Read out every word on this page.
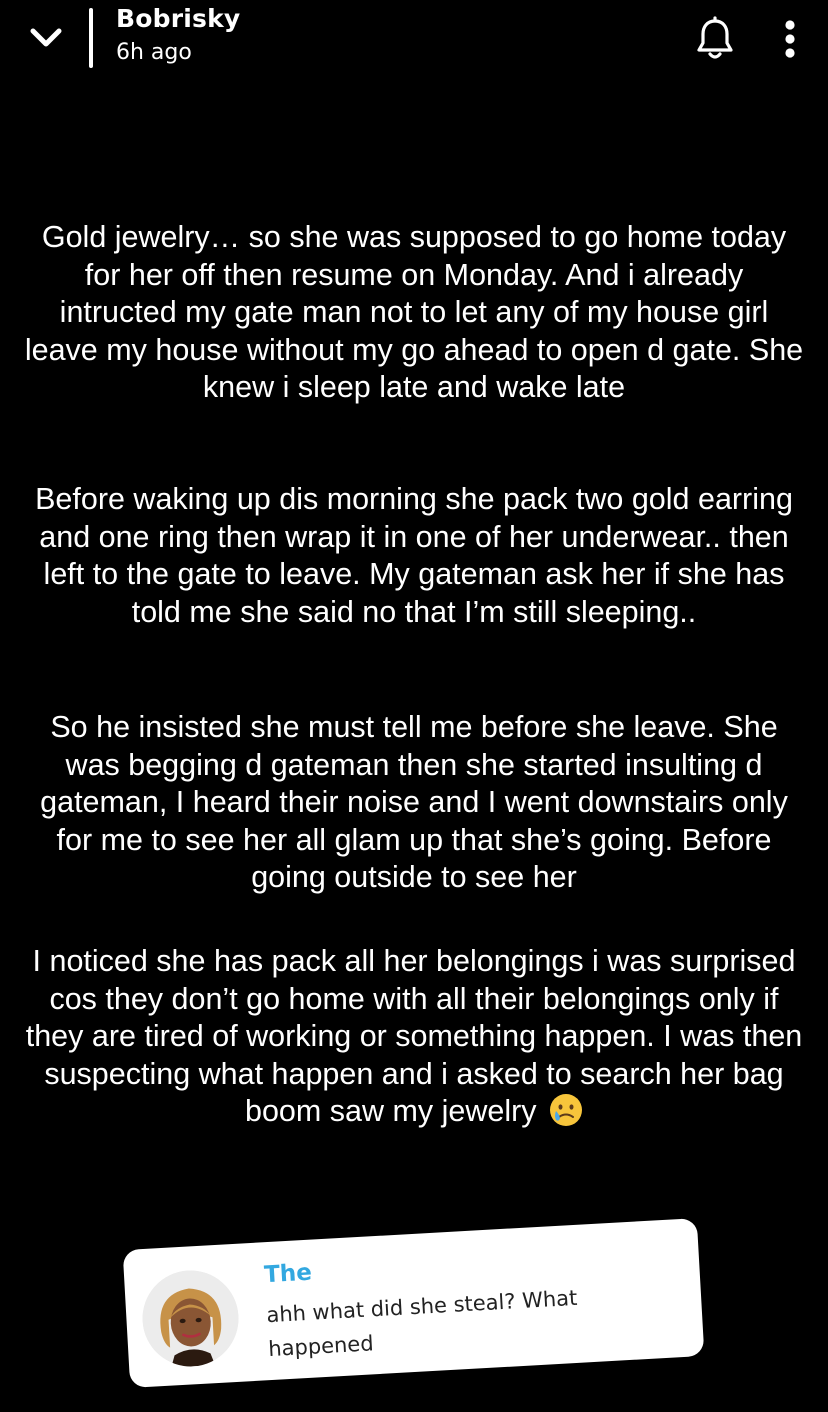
Bobrisky
6h ago

Gold jewelry… so she was supposed to go home today for her off then resume on Monday. And i already intructed my gate man not to let any of my house girl leave my house without my go ahead to open d gate. She knew i sleep late and wake late

Before waking up dis morning she pack two gold earring and one ring then wrap it in one of her underwear.. then left to the gate to leave. My gateman ask her if she has told me she said no that I’m still sleeping..

So he insisted she must tell me before she leave. She was begging d gateman then she started insulting d gateman, I heard their noise and I went downstairs only for me to see her all glam up that she’s going. Before going outside to see her

I noticed she has pack all her belongings i was surprised cos they don’t go home with all their belongings only if they are tired of working or something happen. I was then suspecting what happen and i asked to search her bag boom saw my jewelry

The
ahh what did she steal? What happened
